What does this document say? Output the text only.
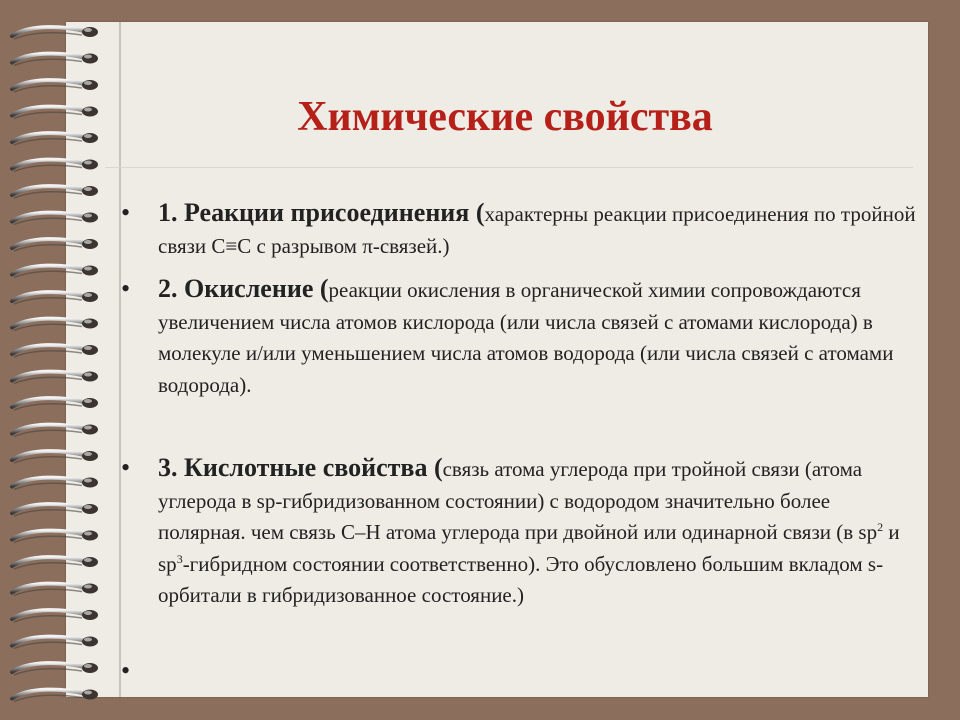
Химические свойства
• 1. Реакции присоединения (характерны реакции присоединения по тройной связи C≡C с разрывом π-связей.)
• 2. Окисление (реакции окисления в органической химии сопровождаются увеличением числа атомов кислорода (или числа связей с атомами кислорода) в молекуле и/или уменьшением числа атомов водорода (или числа связей с атомами водорода).
• 3. Кислотные свойства (связь атома углерода при тройной связи (атома углерода в sp-гибридизованном состоянии) с водородом значительно более полярная. чем связь С–Н атома углерода при двойной или одинарной связи (в $sp^2$ и $sp^3$-гибридном состоянии соответственно). Это обусловлено большим вкладом s-орбитали в гибридизованное состояние.)
•
